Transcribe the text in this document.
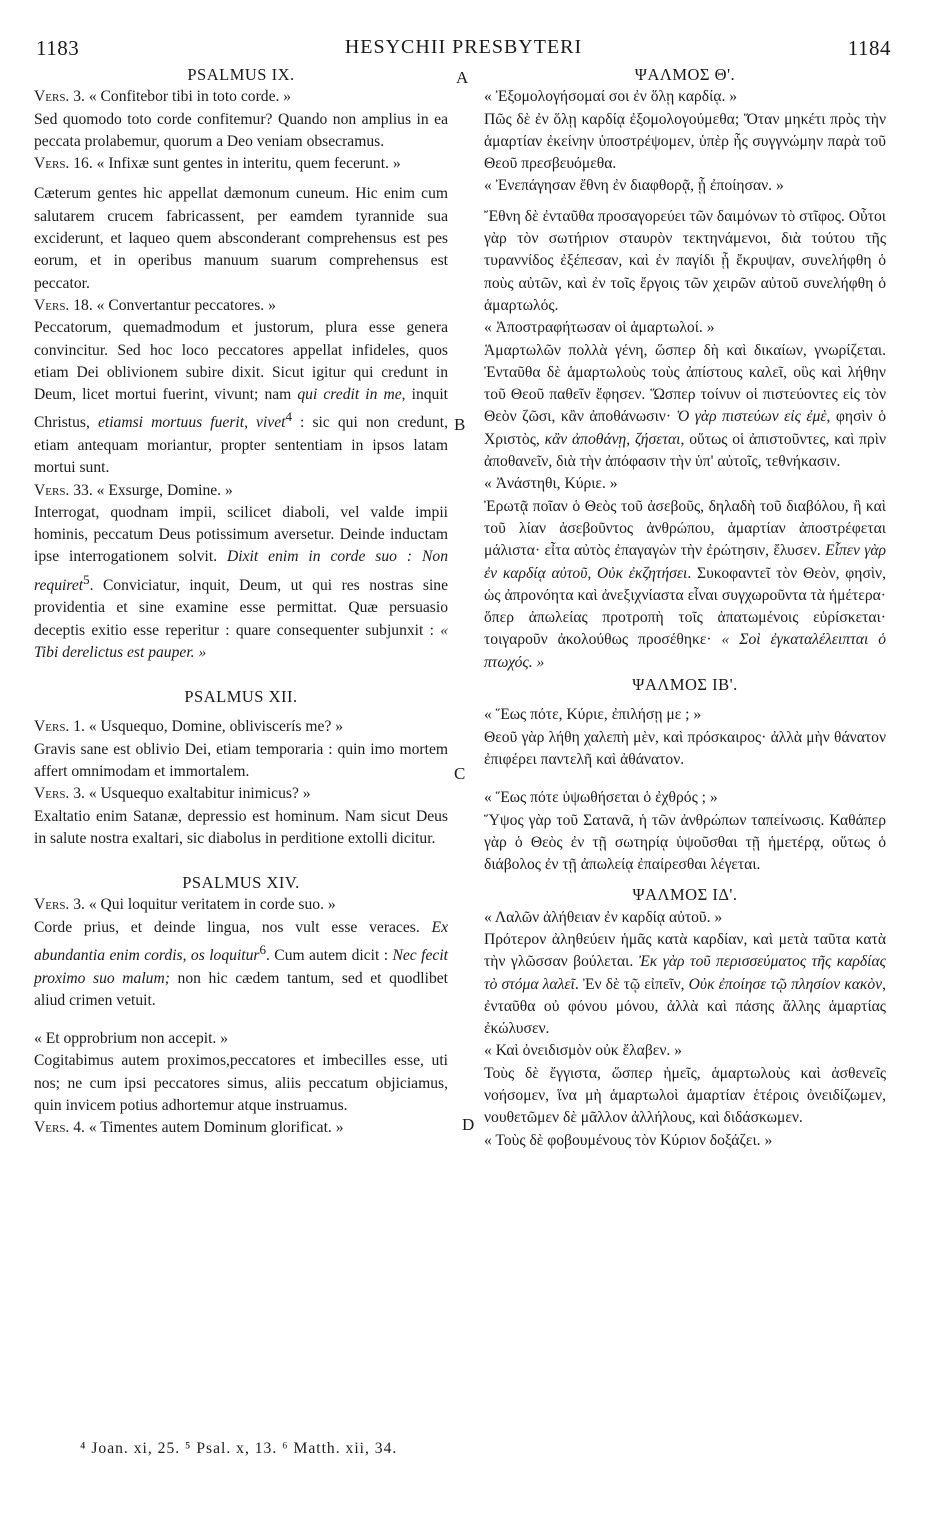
1183	HESYCHII PRESBYTERI	1184
A
B
C
D

PSALMUS IX.

Vers. 3. « Confitebor tibi in toto corde. »

Sed quomodo toto corde confitemur? Quando non amplius in ea peccata prolabemur, quorum a Deo veniam obsecramus.

Vers. 16. « Infixæ sunt gentes in interitu, quem fecerunt. »

Cæterum gentes hic appellat dæmonum cuneum. Hic enim cum salutarem crucem fabricassent, per eamdem tyrannide sua exciderunt, et laqueo quem absconderant comprehensus est pes eorum, et in operibus manuum suarum comprehensus est peccator.

Vers. 18. « Convertantur peccatores. »

Peccatorum, quemadmodum et justorum, plura esse genera convincitur. Sed hoc loco peccatores appellat infideles, quos etiam Dei oblivionem subire dixit. Sicut igitur qui credunt in Deum, licet mortui fuerint, vivunt; nam qui credit in me, inquit Christus, etiamsi mortuus fuerit, vivet$^4$ : sic qui non credunt, etiam antequam moriantur, propter sententiam in ipsos latam mortui sunt.

Vers. 33. « Exsurge, Domine. »

Interrogat, quodnam impii, scilicet diaboli, vel valde impii hominis, peccatum Deus potissimum aversetur. Deinde inductam ipse interrogationem solvit. Dixit enim in corde suo : Non requiret$^5$. Conviciatur, inquit, Deum, ut qui res nostras sine providentia et sine examine esse permittat. Quæ persuasio deceptis exitio esse reperitur : quare consequenter subjunxit : « Tibi derelictus est pauper. »

PSALMUS XII.

Vers. 1. « Usquequo, Domine, obliviscerís me? »

Gravis sane est oblivio Dei, etiam temporaria : quin imo mortem affert omnimodam et immortalem.

Vers. 3. « Usquequo exaltabitur inimicus? »

Exaltatio enim Satanæ, depressio est hominum. Nam sicut Deus in salute nostra exaltari, sic diabolus in perditione extolli dicitur.

PSALMUS XIV.

Vers. 3. « Qui loquitur veritatem in corde suo. »

Corde prius, et deinde lingua, nos vult esse veraces. Ex abundantia enim cordis, os loquitur$^6$. Cum autem dicit : Nec fecit proximo suo malum; non hic cædem tantum, sed et quodlibet aliud crimen vetuit.

« Et opprobrium non accepit. »

Cogitabimus autem proximos,peccatores et imbecilles esse, uti nos; ne cum ipsi peccatores simus, aliis peccatum objiciamus, quin invicem potius adhortemur atque instruamus.

Vers. 4. « Timentes autem Dominum glorificat. »

ΨΑΛΜΟΣ Θ'.

« Ἐξομολογήσομαί σοι ἐν ὅλῃ καρδίᾳ. »

Πῶς δὲ ἐν ὅλῃ καρδίᾳ ἐξομολογούμεθα; Ὅταν μηκέτι πρὸς τὴν ἁμαρτίαν ἐκείνην ὑποστρέψομεν, ὑπὲρ ἧς συγγνώμην παρὰ τοῦ Θεοῦ πρεσβευόμεθα.

« Ἐνεπάγησαν ἔθνη ἐν διαφθορᾷ, ᾗ ἐποίησαν. »

Ἔθνη δὲ ἐνταῦθα προσαγορεύει τῶν δαιμόνων τὸ στῖφος. Οὗτοι γὰρ τὸν σωτήριον σταυρὸν τεκτηνάμενοι, διὰ τούτου τῆς τυραννίδος ἐξέπεσαν, καὶ ἐν παγίδι ᾗ ἔκρυψαν, συνελήφθη ὁ ποὺς αὐτῶν, καὶ ἐν τοῖς ἔργοις τῶν χειρῶν αὐτοῦ συνελήφθη ὁ ἁμαρτωλός.

« Ἀποστραφήτωσαν οἱ ἁμαρτωλοί. »

Ἁμαρτωλῶν πολλὰ γένη, ὥσπερ δὴ καὶ δικαίων, γνωρίζεται. Ἐνταῦθα δὲ ἁμαρτωλοὺς τοὺς ἀπίστους καλεῖ, οὓς καὶ λήθην τοῦ Θεοῦ παθεῖν ἔφησεν. Ὥσπερ τοίνυν οἱ πιστεύοντες εἰς τὸν Θεὸν ζῶσι, κἂν ἀποθάνωσιν· Ὁ γὰρ πιστεύων εἰς ἐμὲ, φησὶν ὁ Χριστὸς, κἂν ἀποθάνῃ, ζήσεται, οὕτως οἱ ἀπιστοῦντες, καὶ πρὶν ἀποθανεῖν, διὰ τὴν ἀπόφασιν τὴν ὑπ' αὐτοῖς, τεθνήκασιν.

« Ἀνάστηθι, Κύριε. »

Ἐρωτᾷ ποῖαν ὁ Θεὸς τοῦ ἀσεβοῦς, δηλαδὴ τοῦ διαβόλου, ἢ καὶ τοῦ λίαν ἀσεβοῦντος ἀνθρώπου, ἁμαρτίαν ἀποστρέφεται μάλιστα· εἶτα αὐτὸς ἐπαγαγὼν τὴν ἐρώτησιν, ἔλυσεν. Εἶπεν γὰρ ἐν καρδίᾳ αὐτοῦ, Οὐκ ἐκζητήσει. Συκοφαντεῖ τὸν Θεὸν, φησὶν, ὡς ἀπρονόητα καὶ ἀνεξιχνίαστα εἶναι συγχωροῦντα τὰ ἡμέτερα· ὅπερ ἀπωλείας προτροπὴ τοῖς ἀπατωμένοις εὑρίσκεται· τοιγαροῦν ἀκολούθως προσέθηκε· « Σοὶ ἐγκαταλέλειπται ὁ πτωχός. »

ΨΑΛΜΟΣ ΙΒ'.

« Ἕως πότε, Κύριε, ἐπιλήσῃ με ; »

Θεοῦ γὰρ λήθη χαλεπὴ μὲν, καὶ πρόσκαιρος· ἀλλὰ μὴν θάνατον ἐπιφέρει παντελῆ καὶ ἀθάνατον.

« Ἕως πότε ὑψωθήσεται ὁ ἐχθρός ; »

Ὕψος γὰρ τοῦ Σατανᾶ, ἡ τῶν ἀνθρώπων ταπείνωσις. Καθάπερ γὰρ ὁ Θεὸς ἐν τῇ σωτηρίᾳ ὑψοῦσθαι τῇ ἡμετέρᾳ, οὕτως ὁ διάβολος ἐν τῇ ἀπωλείᾳ ἐπαίρεσθαι λέγεται.

ΨΑΛΜΟΣ ΙΔ'.

« Λαλῶν ἀλήθειαν ἐν καρδίᾳ αὐτοῦ. »

Πρότερον ἀληθεύειν ἡμᾶς κατὰ καρδίαν, καὶ μετὰ ταῦτα κατὰ τὴν γλῶσσαν βούλεται. Ἐκ γὰρ τοῦ περισσεύματος τῆς καρδίας τὸ στόμα λαλεῖ. Ἐν δὲ τῷ εἰπεῖν, Οὐκ ἐποίησε τῷ πλησίον κακὸν, ἐνταῦθα οὐ φόνου μόνου, ἀλλὰ καὶ πάσης ἄλλης ἁμαρτίας ἐκώλυσεν.

« Καὶ ὀνειδισμὸν οὐκ ἔλαβεν. »

Τοὺς δὲ ἔγγιστα, ὥσπερ ἡμεῖς, ἁμαρτωλοὺς καὶ ἀσθενεῖς νοήσομεν, ἵνα μὴ ἁμαρτωλοὶ ἁμαρτίαν ἑτέροις ὀνειδίζωμεν, νουθετῶμεν δὲ μᾶλλον ἀλλήλους, καὶ διδάσκωμεν.

« Τοὺς δὲ φοβουμένους τὸν Κύριον δοξάζει. »

⁴ Joan. xi, 25. ⁵ Psal. x, 13. ⁶ Matth. xii, 34.
